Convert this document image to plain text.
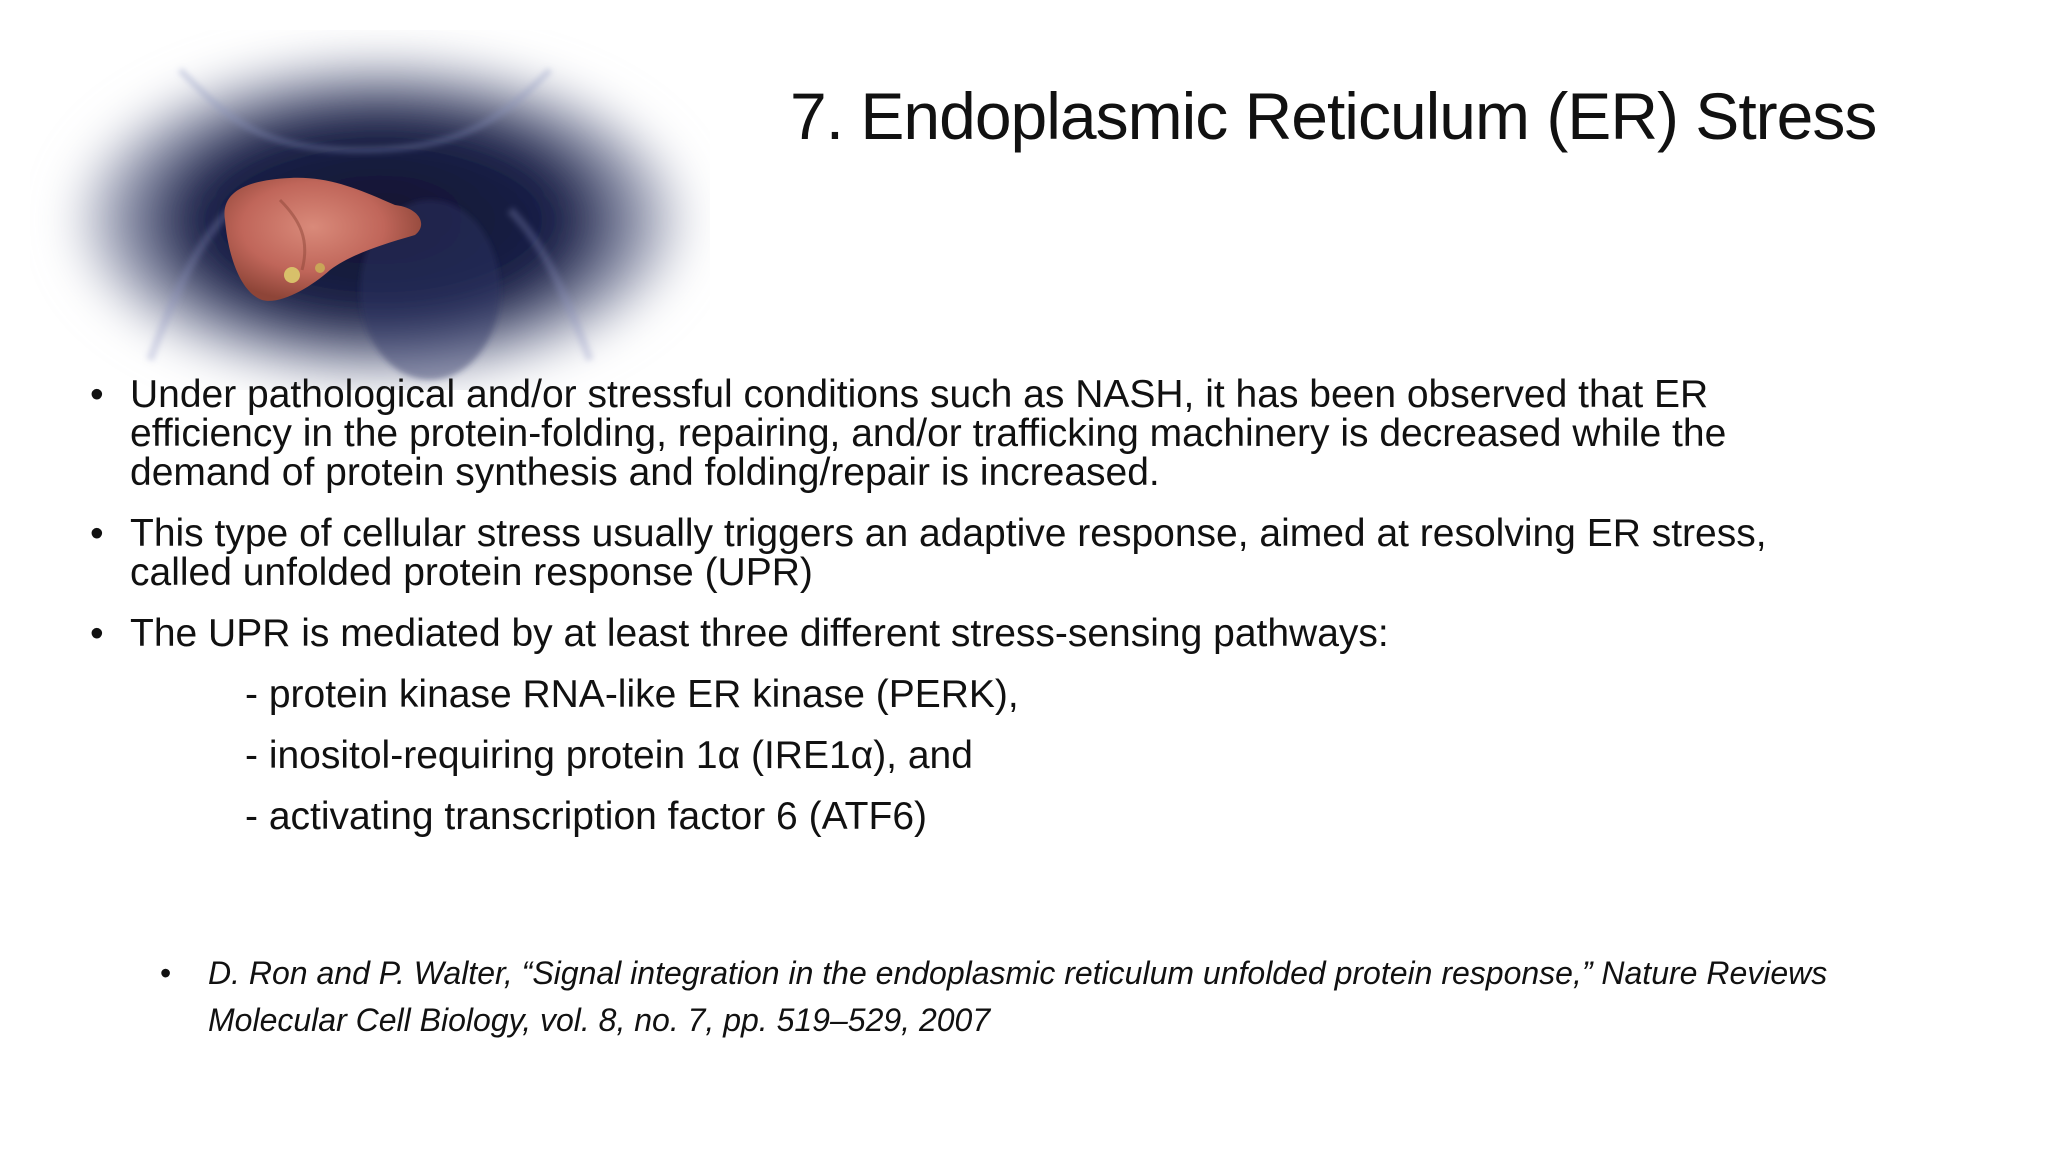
7. Endoplasmic Reticulum (ER) Stress
• Under pathological and/or stressful conditions such as NASH, it has been observed that ER efficiency in the protein-folding, repairing, and/or trafficking machinery is decreased while the demand of protein synthesis and folding/repair is increased.
• This type of cellular stress usually triggers an adaptive response, aimed at resolving ER stress, called unfolded protein response (UPR)
• The UPR is mediated by at least three different stress-sensing pathways:
- protein kinase RNA-like ER kinase (PERK),
- inositol-requiring protein 1α (IRE1α), and
- activating transcription factor 6 (ATF6)
• D. Ron and P. Walter, “Signal integration in the endoplasmic reticulum unfolded protein response,” Nature Reviews Molecular Cell Biology, vol. 8, no. 7, pp. 519–529, 2007
